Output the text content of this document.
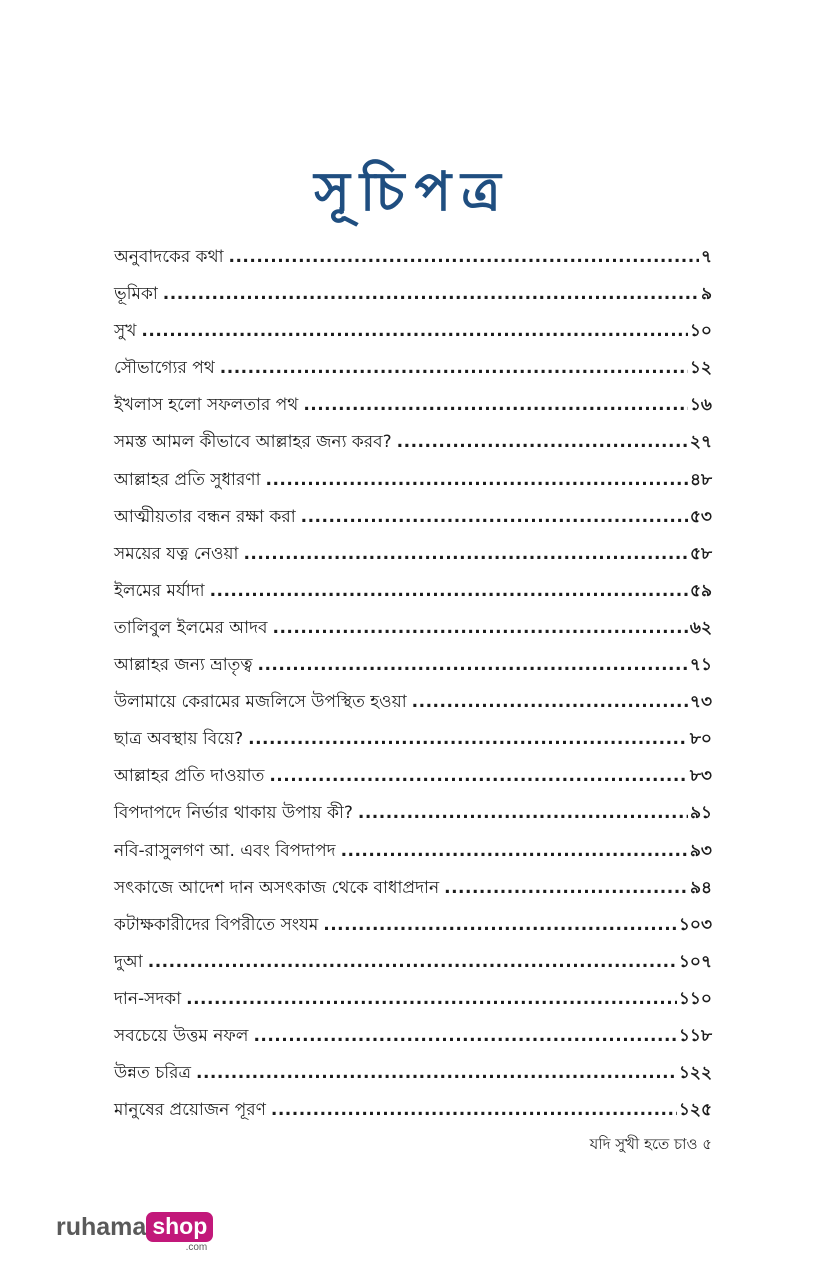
সূচিপত্র
অনুবাদকের কথা .....	৭
ভূমিকা .....	৯
সুখ .....	১০
সৌভাগ্যের পথ .....	১২
ইখলাস হলো সফলতার পথ .....	১৬
সমস্ত আমল কীভাবে আল্লাহর জন্য করব? .....	২৭
আল্লাহর প্রতি সুধারণা .....	৪৮
আত্মীয়তার বন্ধন রক্ষা করা .....	৫৩
সময়ের যত্ন নেওয়া .....	৫৮
ইলমের মর্যাদা .....	৫৯
তালিবুল ইলমের আদব .....	৬২
আল্লাহর জন্য ভ্রাতৃত্ব .....	৭১
উলামায়ে কেরামের মজলিসে উপস্থিত হওয়া .....	৭৩
ছাত্র অবস্থায় বিয়ে? .....	৮০
আল্লাহর প্রতি দাওয়াত .....	৮৩
বিপদাপদে নির্ভার থাকায় উপায় কী? .....	৯১
নবি-রাসুলগণ আ. এবং বিপদাপদ .....	৯৩
সৎকাজে আদেশ দান অসৎকাজ থেকে বাধাপ্রদান .....	৯৪
কটাক্ষকারীদের বিপরীতে সংযম .....	১০৩
দুআ .....	১০৭
দান-সদকা .....	১১০
সবচেয়ে উত্তম নফল .....	১১৮
উন্নত চরিত্র .....	১২২
মানুষের প্রয়োজন পূরণ .....	১২৫
যদি সুখী হতে চাও ৫
ruhama shop
.com
